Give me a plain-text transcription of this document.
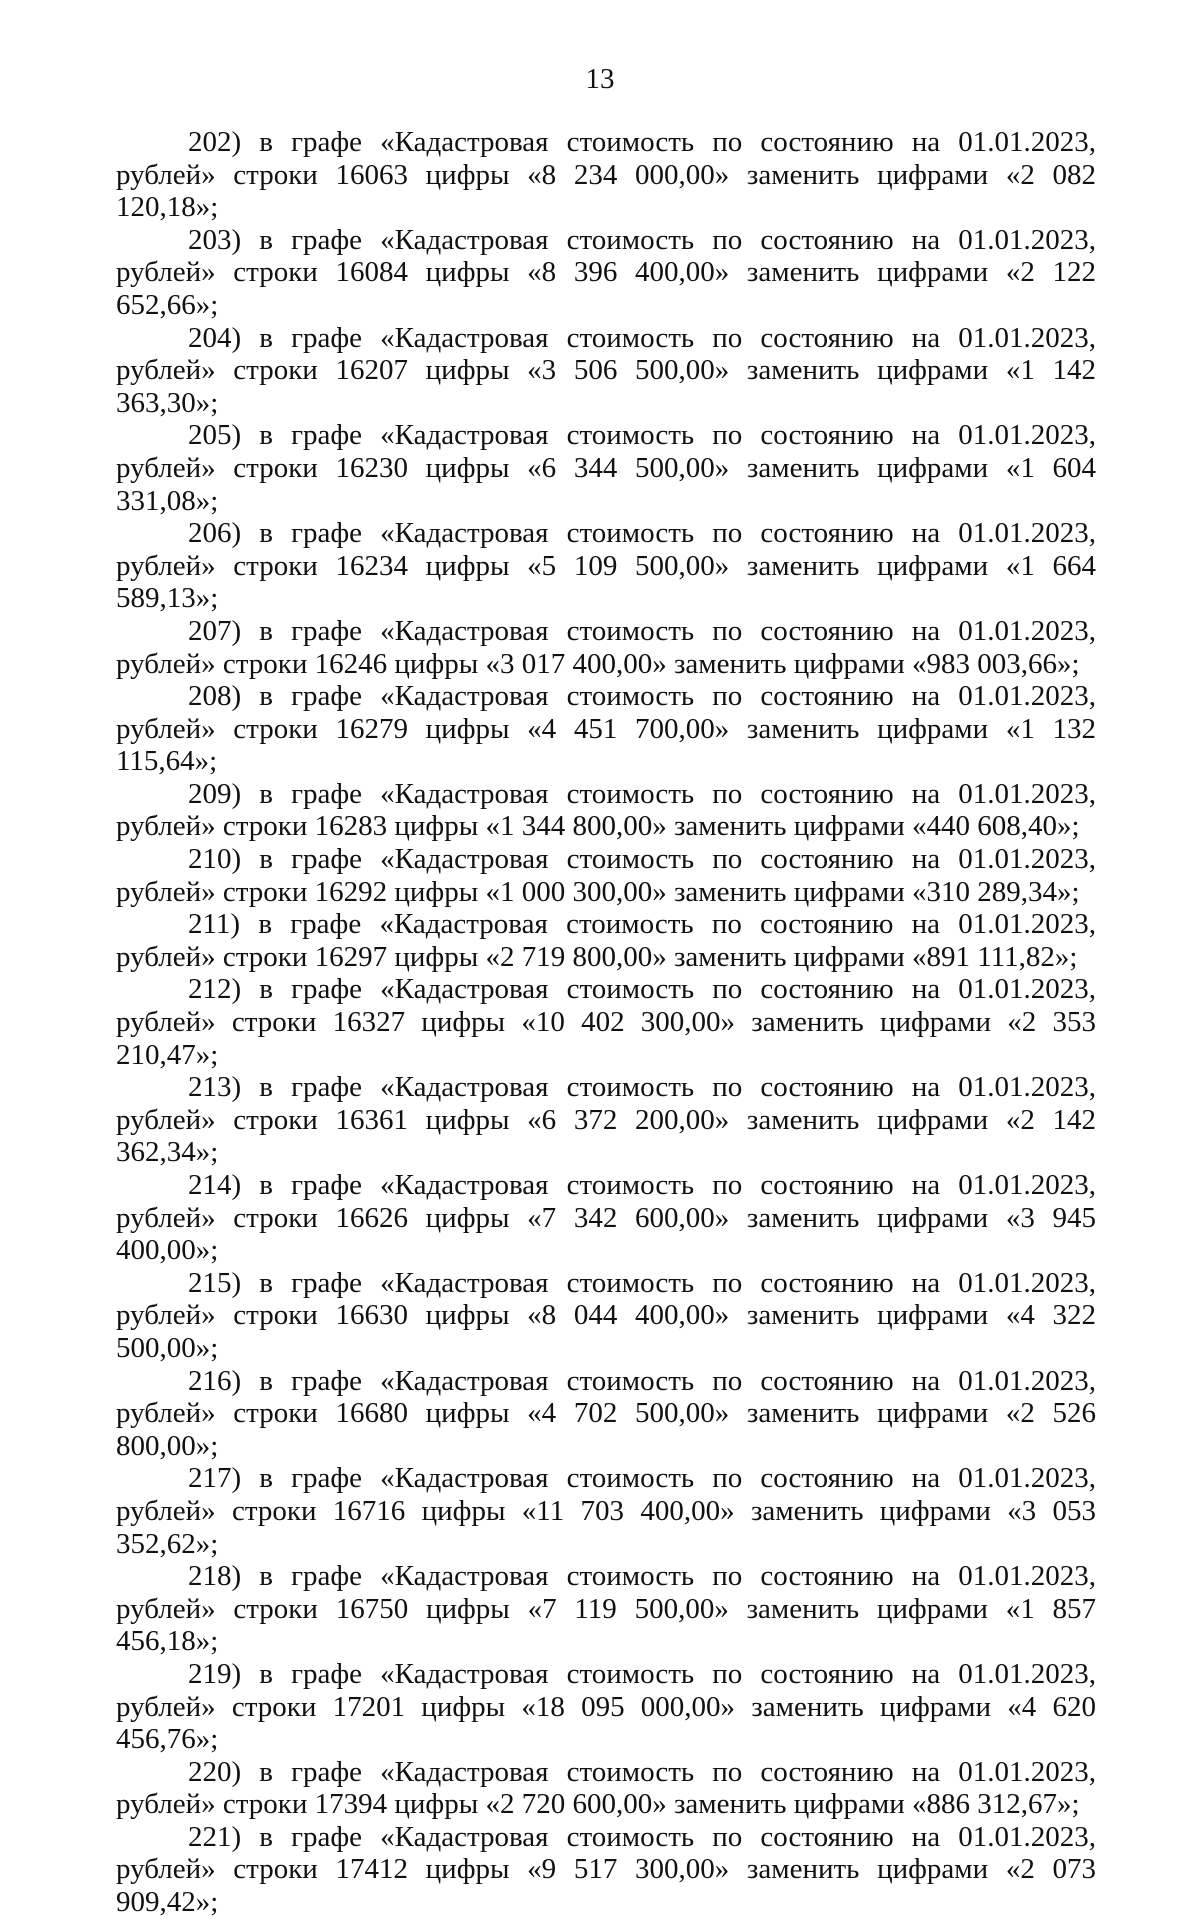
13

202) в графе «Кадастровая стоимость по состоянию на 01.01.2023, рублей» строки 16063 цифры «8 234 000,00» заменить цифрами «2 082 120,18»;

203) в графе «Кадастровая стоимость по состоянию на 01.01.2023, рублей» строки 16084 цифры «8 396 400,00» заменить цифрами «2 122 652,66»;

204) в графе «Кадастровая стоимость по состоянию на 01.01.2023, рублей» строки 16207 цифры «3 506 500,00» заменить цифрами «1 142 363,30»;

205) в графе «Кадастровая стоимость по состоянию на 01.01.2023, рублей» строки 16230 цифры «6 344 500,00» заменить цифрами «1 604 331,08»;

206) в графе «Кадастровая стоимость по состоянию на 01.01.2023, рублей» строки 16234 цифры «5 109 500,00» заменить цифрами «1 664 589,13»;

207) в графе «Кадастровая стоимость по состоянию на 01.01.2023, рублей» строки 16246 цифры «3 017 400,00» заменить цифрами «983 003,66»;

208) в графе «Кадастровая стоимость по состоянию на 01.01.2023, рублей» строки 16279 цифры «4 451 700,00» заменить цифрами «1 132 115,64»;

209) в графе «Кадастровая стоимость по состоянию на 01.01.2023, рублей» строки 16283 цифры «1 344 800,00» заменить цифрами «440 608,40»;

210) в графе «Кадастровая стоимость по состоянию на 01.01.2023, рублей» строки 16292 цифры «1 000 300,00» заменить цифрами «310 289,34»;

211) в графе «Кадастровая стоимость по состоянию на 01.01.2023, рублей» строки 16297 цифры «2 719 800,00» заменить цифрами «891 111,82»;

212) в графе «Кадастровая стоимость по состоянию на 01.01.2023, рублей» строки 16327 цифры «10 402 300,00» заменить цифрами «2 353 210,47»;

213) в графе «Кадастровая стоимость по состоянию на 01.01.2023, рублей» строки 16361 цифры «6 372 200,00» заменить цифрами «2 142 362,34»;

214) в графе «Кадастровая стоимость по состоянию на 01.01.2023, рублей» строки 16626 цифры «7 342 600,00» заменить цифрами «3 945 400,00»;

215) в графе «Кадастровая стоимость по состоянию на 01.01.2023, рублей» строки 16630 цифры «8 044 400,00» заменить цифрами «4 322 500,00»;

216) в графе «Кадастровая стоимость по состоянию на 01.01.2023, рублей» строки 16680 цифры «4 702 500,00» заменить цифрами «2 526 800,00»;

217) в графе «Кадастровая стоимость по состоянию на 01.01.2023, рублей» строки 16716 цифры «11 703 400,00» заменить цифрами «3 053 352,62»;

218) в графе «Кадастровая стоимость по состоянию на 01.01.2023, рублей» строки 16750 цифры «7 119 500,00» заменить цифрами «1 857 456,18»;

219) в графе «Кадастровая стоимость по состоянию на 01.01.2023, рублей» строки 17201 цифры «18 095 000,00» заменить цифрами «4 620 456,76»;

220) в графе «Кадастровая стоимость по состоянию на 01.01.2023, рублей» строки 17394 цифры «2 720 600,00» заменить цифрами «886 312,67»;

221) в графе «Кадастровая стоимость по состоянию на 01.01.2023, рублей» строки 17412 цифры «9 517 300,00» заменить цифрами «2 073 909,42»;
